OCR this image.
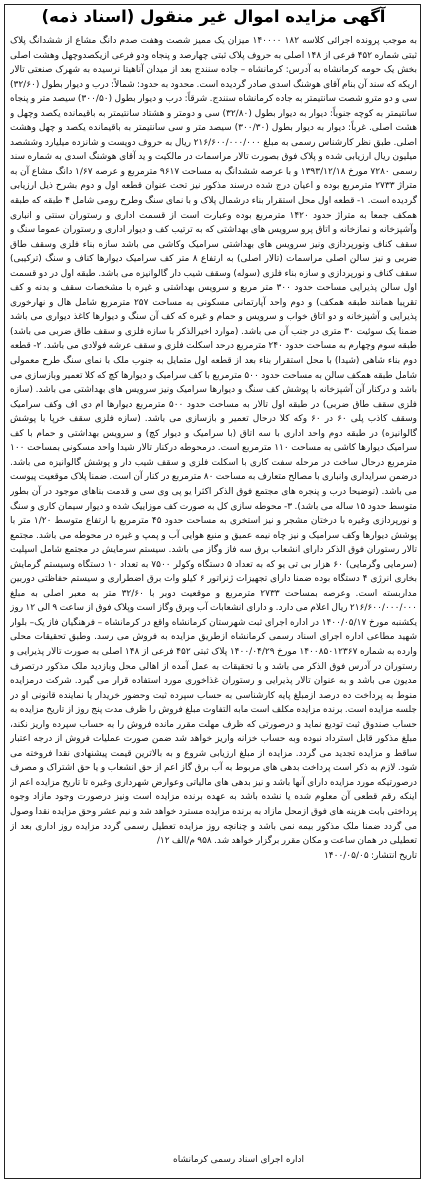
آگهی مزایده اموال غیر منقول (اسناد ذمه)

به موجب پرونده اجرائی کلاسه ۱۸۲ ۱۴۰۰۰۰ میزان یک ممیز شصت وهفت صدم دانگ مشاع از ششدانگ پلاک ثبتی شماره ۴۵۲ فرعی از ۱۴۸ اصلی به حروف پلاک ثبتی چهارصد و پنجاه ودو فرعی ازیکصدوچهل وهشت اصلی بخش یک حومه کرمانشاه به آدرس: کرمانشاه – جاده سنندج بعد از میدان آناهیتا نرسیده به شهرک صنعتی تالار اریکه که سند آن بنام آقای هوشنگ اسدی صادر گردیده است. محدود به حدود: شمالاً: درب و دیوار بطول (۳۲/۶۰) سی و دو مترو شصت سانتیمتر به جاده کرمانشاه سنندج. شرقاً: درب و دیوار بطول (۳۰۰/۵۰) سیصد متر و پنجاه سانتیمتر به کوچه جنوباً: دیوار به دیوار بطول (۳۲/۸۰) سی و دومتر و هشتاد سانتیمتر به باقیمانده یکصد وچهل و هشت اصلی. غرباً: دیوار به دیوار بطول (۳۰۰/۳۰) سیصد متر و سی سانتیمتر به باقیمانده یکصد و چهل وهشت اصلی. طبق نظر کارشناس رسمی به مبلغ ۲۱۶/۶۰۰/۰۰۰/۰۰۰ ریال به حروف دویست و شانزده میلیارد وششصد میلیون ریال ارزیابی شده و پلاک فوق بصورت تالار مراسمات در مالکیت و ید آقای هوشنگ اسدی به شماره سند رسمی ۷۲۸۰ مورخ ۱۳۹۳/۱۲/۱۸ و با عرصه ششدانگ به مساحت ۹۶۱۷ مترمربع و عرصه ۱/۶۷ دانگ مشاع آن به متراژ ۲۷۳۳ مترمربع بوده و اعیان درج شده درسند مذکور نیز تحت عنوان قطعه اول و دوم بشرح ذیل ارزیابی گردیده است. ۱- قطعه اول محل استقرار بناء درشمال پلاک و با نمای سنگ وطرح رومی شامل ۴ طبقه که طبقه همکف جمعا به متراژ حدود ۱۴۲۰ مترمربع بوده وعبارت است از قسمت اداری و رستوران سنتی و انباری وآشپزخانه و نمازخانه و اتاق پرو سرویس های بهداشتی که به ترتیب کف و دیوار اداری و رستوران عموما سنگ و سقف کناف ونورپردازی ونیز سرویس های بهداشتی سرامیک وکاشی می باشد سازه بناء فلزی وسقف طاق ضربی و نیز سالن اصلی مراسمات (تالار اصلی) به ارتفاع ۸ متر کف سرامیک دیوارها کناف و سنگ (ترکیبی) سقف کناف و نورپردازی و سازه بناء فلزی (سوله) وسقف شیب دار گالوانیزه می باشد. طبقه اول در دو قسمت اول سالن پذیرایی مساحت حدود ۳۰۰ متر مربع و سرویس بهداشتی و غیره با مشخصات سقف و بدنه و کف تقریبا همانند طبقه همکف) و دوم واحد آپارتمانی مسکونی به مساحت ۲۵۷ مترمربع شامل هال و نهارخوری پذیرایی و آشپزخانه و دو اتاق خواب و سرویس و حمام و غیره که کف آن سنگ و دیوارها کاغذ دیواری می باشد ضمنا یک سوئیت ۳۰ متری در جنب آن می باشد. (موارد اخیرالذکر با سازه فلزی و سقف طاق ضربی می باشد) طبقه سوم وچهارم به مساحت حدود ۲۴۰ مترمربع درحد اسکلت فلزی و سقف عرشه فولادی می باشد. ۲- قطعه دوم بناء شاهی (شیدا) با محل استقرار بناء بعد از قطعه اول متمایل به جنوب ملک با نمای سنگ طرح معمولی شامل طبقه همکف سالن به مساحت حدود ۵۰۰ مترمربع با کف سرامیک و دیوارها کچ که کلا تعمیر وبازسازی می باشد و درکنار آن آشپزخانه با پوشش کف سنگ و دیوارها سرامیک ونیز سرویس های بهداشتی می باشد. (سازه فلزی سقف طاق ضربی) در طبقه اول تالار به مساحت حدود ۵۰۰ مترمربع دیوارها ام دی اف وکف سرامیک وسقف کاذب پلی ۶۰ در ۶۰ وکه کلا درحال تعمیر و بازسازی می باشد. (سازه فلزی سقف خرپا با پوشش گالوانیزه) در طبقه دوم واحد اداری با سه اتاق (با سرامیک و دیوار کچ) و سرویس بهداشتی و حمام با کف سرامیک دیوارها کاشی به مساحت ۱۱۰ مترمربع است. درمحوطه درکنار تالار شیدا واحد مسکونی بمساحت ۱۰۰ مترمربع درحال ساخت در مرحله سفت کاری با اسکلت فلزی و سقف شیب دار و پوشش گالوانیزه می باشد. درضمن سرایداری وانباری با مصالح متعارف به مساحت ۸۰ مترمربع در کنار آن است. ضمنا پلاک موقعیت پیوست می باشد. (توضیحا درب و پنجره های مجتمع فوق الذکر اکثرا یو پی وی سی و قدمت بناهای موجود در آن بطور متوسط حدود ۱۵ ساله می باشد). ۳- محوطه سازی کل به صورت کف موزاییک شده و دیوار سیمان کاری و سنگ و نورپردازی وغیره با درختان مشجر و نیز استخری به مساحت حدود ۴۵ مترمربع با ارتفاع متوسط ۱/۲۰ متر با پوشش دیوارها وکف سرامیک و نیز چاه نیمه عمیق و منبع هوایی آب و پمپ و غیره در محوطه می باشد. مجتمع تالار رستوران فوق الذکر دارای انشعاب برق سه فاز وگاز می باشد. سیستم سرمایش در مجتمع شامل اسپلیت (سرمایی وگرمایی) ۶۰ هزار بی تی یو که به تعداد ۵ دستگاه وکولر ۷۵۰۰ به تعداد ۱۰ دستگاه وسیستم گرمایش بخاری انرژی ۴ دستگاه بوده ضمنا دارای تجهیزات ژنراتور ۶ کیلو وات برق اضطراری و سیستم حفاظتی دوربین مداربسته است. وعرصه بمساحت ۲۷۳۳ مترمربع و موقعیت دوبر با ۳۲/۶۰ متر به معبر اصلی به مبلغ ۲۱۶/۶۰۰/۰۰۰/۰۰۰ ریال اعلام می دارد. و دارای انشعابات آب وبرق وگاز است وپلاک فوق از ساعت ۹ الی ۱۲ روز یکشنبه مورخ ۱۴۰۰/۰۵/۱۷ در اداره اجرای ثبت شهرستان کرمانشاه واقع در کرمانشاه – فرهنگیان فاز یک– بلوار شهید مطاعی اداره اجرای اسناد رسمی کرمانشاه ازطریق مزایده به فروش می رسد. وطبق تحقیقات محلی وارده به شماره ۱۴۰۰۸۵۰۱۲۳۶۷ مورخ ۱۴۰۰/۰۴/۲۹ پلاک ثبتی ۴۵۲ فرعی از ۱۴۸ اصلی به صورت تالار پذیرایی و رستوران در آدرس فوق الذکر می باشد و با تحقیقات به عمل آمده از اهالی محل وبازدید ملک مذکور درتصرف مدیون می باشد و به عنوان تالار پذیرایی و رستوران غذاخوری مورد استفاده قرار می گیرد. شرکت درمزایده منوط به پرداخت ده درصد ازمبلغ پایه کارشناسی به حساب سپرده ثبت وحضور خریدار یا نماینده قانونی او در جلسه مزایده است. برنده مزایده مکلف است مابه التفاوت مبلغ فروش را ظرف مدت پنج روز از تاریخ مزایده به حساب صندوق ثبت تودیع نماید و درصورتی که ظرف مهلت مقرر مانده فروش را به حساب سپرده واریز نکند، مبلغ مذکور قابل استرداد نبوده وبه حساب خزانه واریز خواهد شد ضمن صورت عملیات فروش از درجه اعتبار ساقط و مزایده تجدید می گردد. مزایده از مبلغ ارزیابی شروع و به بالاترین قیمت پیشنهادی نقدا فروخته می شود. لازم به ذکر است پرداخت بدهی های مربوط به آب برق گاز اعم از حق انشعاب و یا حق اشتراک و مصرف درصورتیکه مورد مزایده دارای آنها باشد و نیز بدهی های مالیاتی وعوارض شهرداری وغیره تا تاریخ مزایده اعم از اینکه رقم قطعی آن معلوم شده یا نشده باشد به عهده برنده مزایده است ونیز درصورت وجود مازاد وجوه پرداختی بابت هزینه های فوق ازمحل مازاد به برنده مزایده مسترد خواهد شد و نیم عشر وحق مزایده نقدا وصول می گردد ضمنا ملک مذکور بیمه نمی باشد و چنانچه روز مزایده تعطیل رسمی گردد مزایده روز اداری بعد از تعطیلی در همان ساعت و مکان مقرر برگزار خواهد شد. ۹۵۸ م/الف ۱۲/

تاریخ انتشار: ۱۴۰۰/۰۵/۰۵

اداره اجرای اسناد رسمی کرمانشاه
